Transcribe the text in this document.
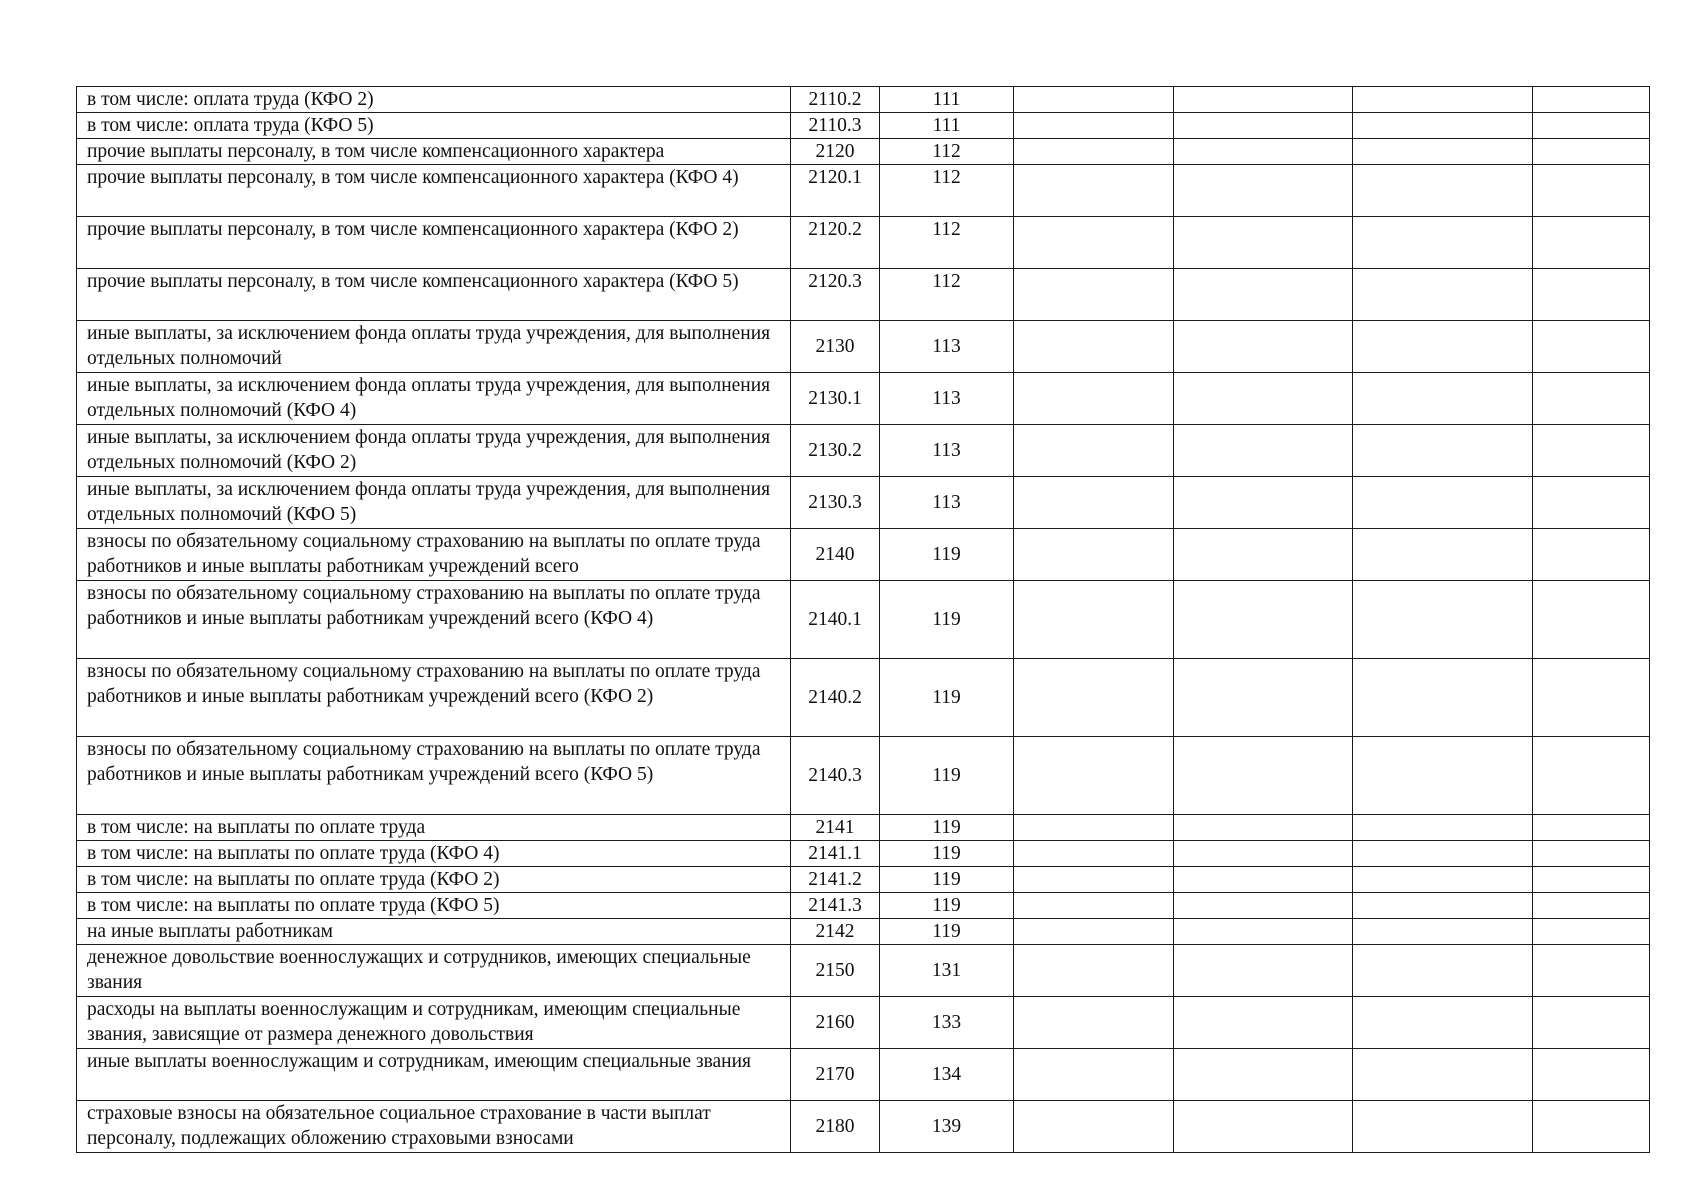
в том числе: оплата труда (КФО 2)	2110.2	111				
в том числе: оплата труда (КФО 5)	2110.3	111				
прочие выплаты персоналу, в том числе компенсационного характера	2120	112				
прочие выплаты персоналу, в том числе компенсационного характера (КФО 4)	2120.1	112				
прочие выплаты персоналу, в том числе компенсационного характера (КФО 2)	2120.2	112				
прочие выплаты персоналу, в том числе компенсационного характера (КФО 5)	2120.3	112				
иные выплаты, за исключением фонда оплаты труда учреждения, для выполнения отдельных полномочий	2130	113				
иные выплаты, за исключением фонда оплаты труда учреждения, для выполнения отдельных полномочий (КФО 4)	2130.1	113				
иные выплаты, за исключением фонда оплаты труда учреждения, для выполнения отдельных полномочий (КФО 2)	2130.2	113				
иные выплаты, за исключением фонда оплаты труда учреждения, для выполнения отдельных полномочий (КФО 5)	2130.3	113				
взносы по обязательному социальному страхованию на выплаты по оплате труда работников и иные выплаты работникам учреждений всего	2140	119				
взносы по обязательному социальному страхованию на выплаты по оплате труда работников и иные выплаты работникам учреждений всего (КФО 4)	2140.1	119				
взносы по обязательному социальному страхованию на выплаты по оплате труда работников и иные выплаты работникам учреждений всего (КФО 2)	2140.2	119				
взносы по обязательному социальному страхованию на выплаты по оплате труда работников и иные выплаты работникам учреждений всего (КФО 5)	2140.3	119				
в том числе: на выплаты по оплате труда	2141	119				
в том числе: на выплаты по оплате труда (КФО 4)	2141.1	119				
в том числе: на выплаты по оплате труда (КФО 2)	2141.2	119				
в том числе: на выплаты по оплате труда (КФО 5)	2141.3	119				
на иные выплаты работникам	2142	119				
денежное довольствие военнослужащих и сотрудников, имеющих специальные звания	2150	131				
расходы на выплаты военнослужащим и сотрудникам, имеющим специальные звания, зависящие от размера денежного довольствия	2160	133				
иные выплаты военнослужащим и сотрудникам, имеющим специальные звания	2170	134				
страховые взносы на обязательное социальное страхование в части выплат персоналу, подлежащих обложению страховыми взносами	2180	139				
